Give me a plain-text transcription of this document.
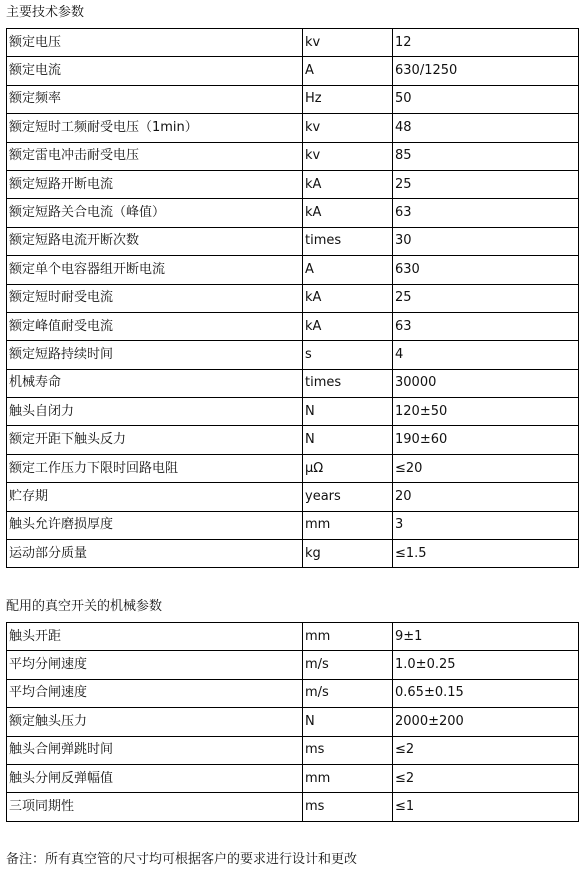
主要技术参数
额定电压	kv	12
额定电流	A	630/1250
额定频率	Hz	50
额定短时工频耐受电压（1min）	kv	48
额定雷电冲击耐受电压	kv	85
额定短路开断电流	kA	25
额定短路关合电流（峰值）	kA	63
额定短路电流开断次数	times	30
额定单个电容器组开断电流	A	630
额定短时耐受电流	kA	25
额定峰值耐受电流	kA	63
额定短路持续时间	s	4
机械寿命	times	30000
触头自闭力	N	120±50
额定开距下触头反力	N	190±60
额定工作压力下限时回路电阻	μΩ	≤20
贮存期	years	20
触头允许磨损厚度	mm	3
运动部分质量	kg	≤1.5
配用的真空开关的机械参数
触头开距	mm	9±1
平均分闸速度	m/s	1.0±0.25
平均合闸速度	m/s	0.65±0.15
额定触头压力	N	2000±200
触头合闸弹跳时间	ms	≤2
触头分闸反弹幅值	mm	≤2
三项同期性	ms	≤1

备注：所有真空管的尺寸均可根据客户的要求进行设计和更改
